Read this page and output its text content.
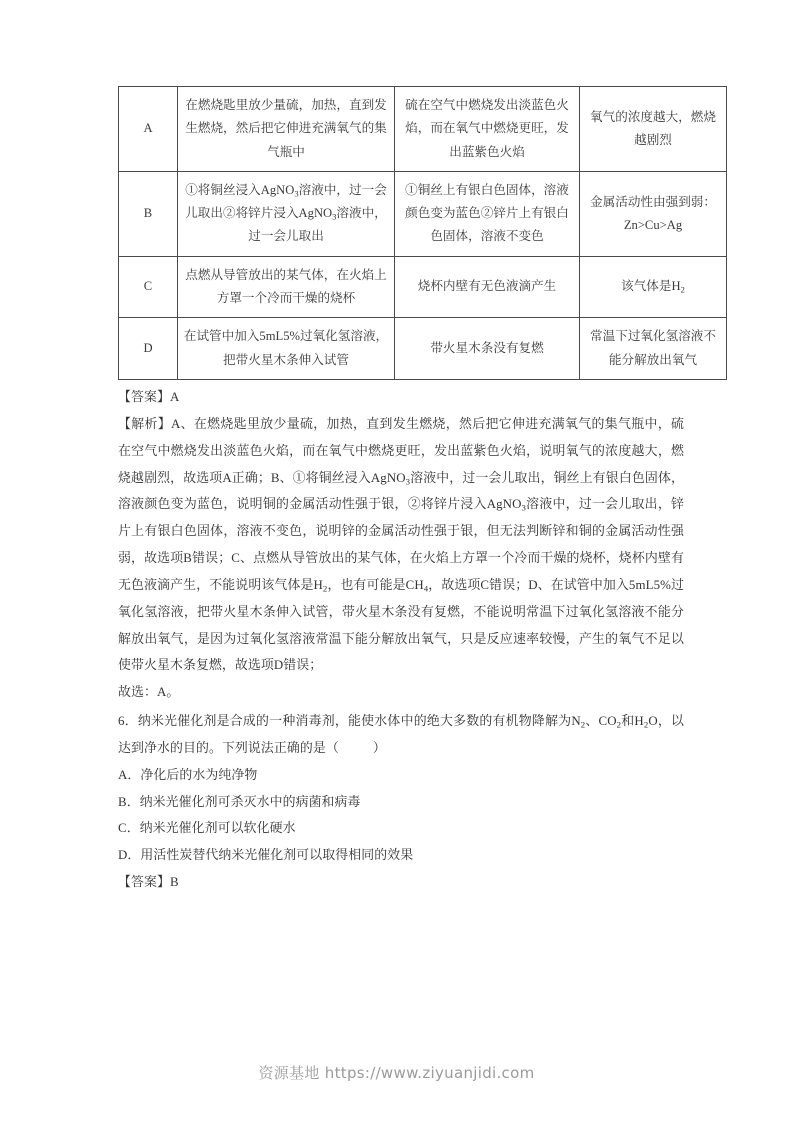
A	在燃烧匙里放少量硫，加热，直到发生燃烧，然后把它伸进充满氧气的集气瓶中	硫在空气中燃烧发出淡蓝色火焰，而在氧气中燃烧更旺，发出蓝紫色火焰	氧气的浓度越大，燃烧越剧烈

B	①将铜丝浸入AgNO$_3$溶液中，过一会儿取出②将锌片浸入AgNO$_3$溶液中，过一会儿取出	①铜丝上有银白色固体，溶液颜色变为蓝色②锌片上有银白色固体，溶液不变色	金属活动性由强到弱：Zn>Cu>Ag

C	点燃从导管放出的某气体，在火焰上方罩一个冷而干燥的烧杯	烧杯内壁有无色液滴产生	该气体是$H_2$

D	在试管中加入5mL5%过氧化氢溶液，把带火星木条伸入试管	带火星木条没有复燃	常温下过氧化氢溶液不能分解放出氧气

【答案】A

【解析】A、在燃烧匙里放少量硫，加热，直到发生燃烧，然后把它伸进充满氧气的集气瓶中，硫在空气中燃烧发出淡蓝色火焰，而在氧气中燃烧更旺，发出蓝紫色火焰，说明氧气的浓度越大，燃烧越剧烈，故选项A正确；B、①将铜丝浸入AgNO$_3$溶液中，过一会儿取出，铜丝上有银白色固体，溶液颜色变为蓝色，说明铜的金属活动性强于银，②将锌片浸入AgNO$_3$溶液中，过一会儿取出，锌片上有银白色固体，溶液不变色，说明锌的金属活动性强于银，但无法判断锌和铜的金属活动性强弱，故选项B错误；C、点燃从导管放出的某气体，在火焰上方罩一个冷而干燥的烧杯，烧杯内壁有无色液滴产生，不能说明该气体是$H_2$，也有可能是$CH_4$，故选项C错误；D、在试管中加入5mL5%过氧化氢溶液，把带火星木条伸入试管，带火星木条没有复燃，不能说明常温下过氧化氢溶液不能分解放出氧气，是因为过氧化氢溶液常温下能分解放出氧气，只是反应速率较慢，产生的氧气不足以使带火星木条复燃，故选项D错误；

故选：A。

6．纳米光催化剂是合成的一种消毒剂，能使水体中的绝大多数的有机物降解为$N_2$、$CO_2$和$H_2O$，以达到净水的目的。下列说法正确的是（	）

A．净化后的水为纯净物

B．纳米光催化剂可杀灭水中的病菌和病毒

C．纳米光催化剂可以软化硬水

D．用活性炭替代纳米光催化剂可以取得相同的效果

【答案】B

资源基地 https://www.ziyuanjidi.com
